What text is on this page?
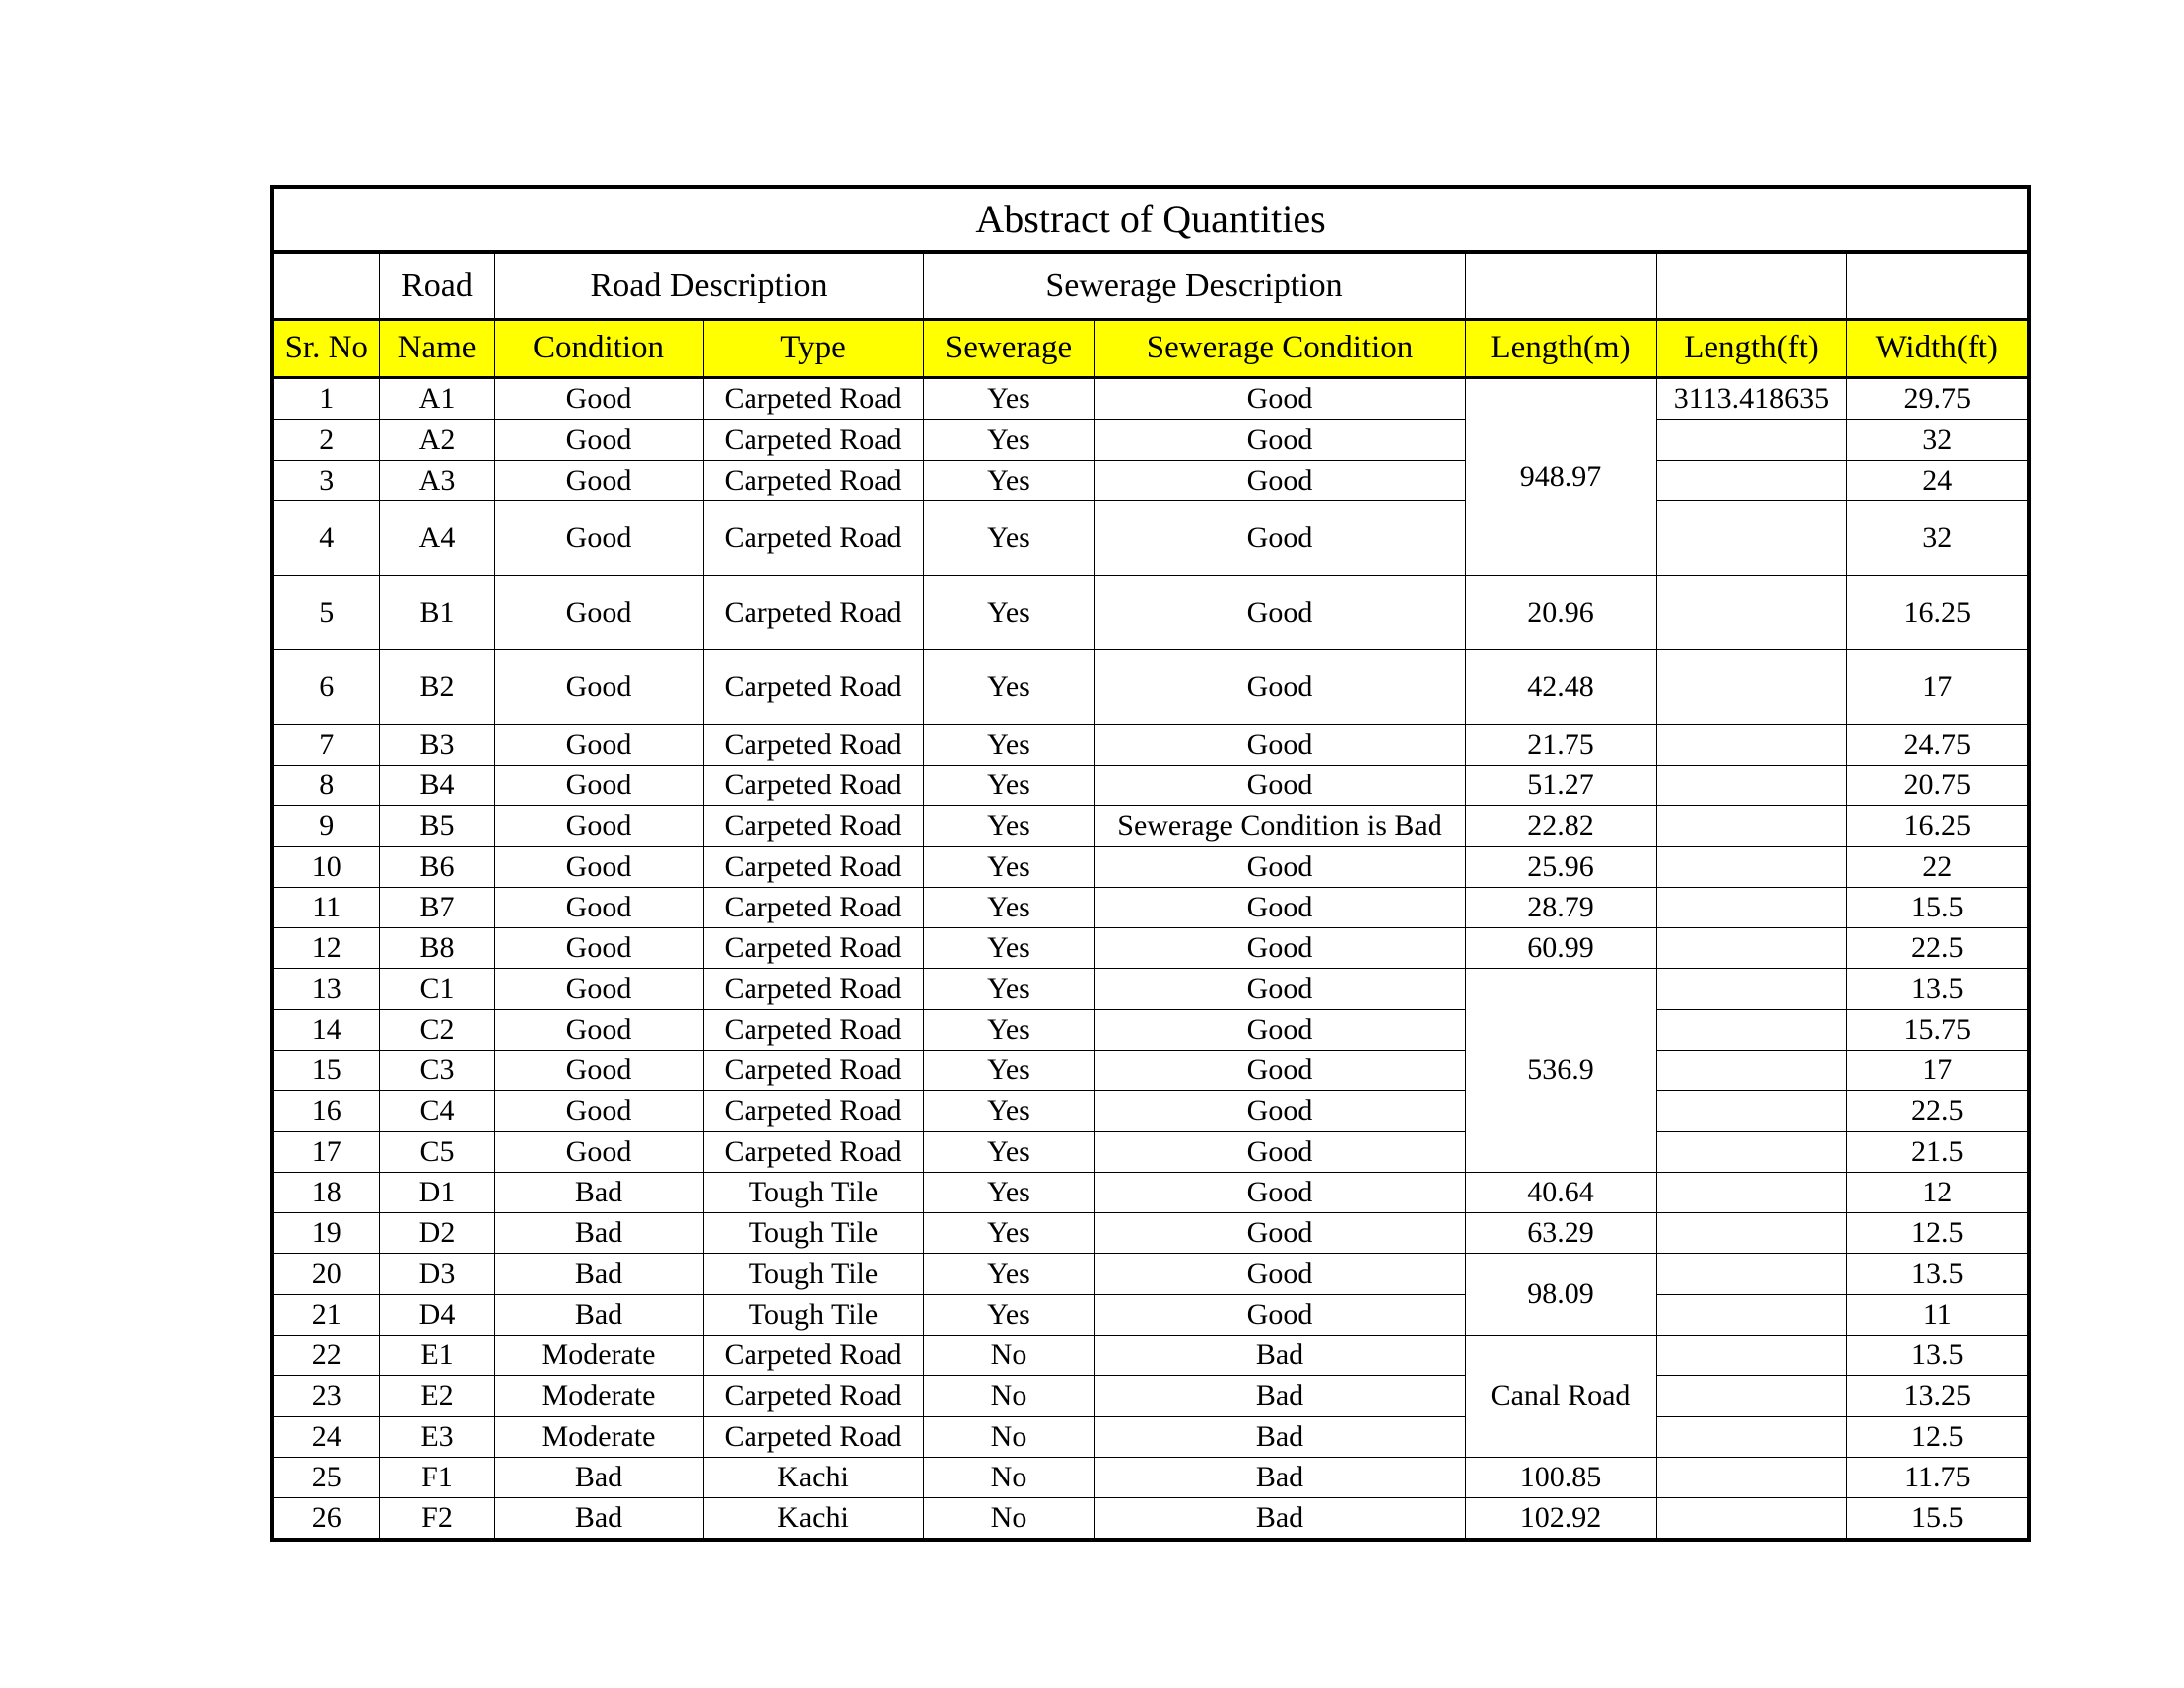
Abstract of Quantities								
	Road	Road Description		Sewerage Description				
Sr. No	Name	Condition	Type	Sewerage	Sewerage Condition	Length(m)	Length(ft)	Width(ft)
1	A1	Good	Carpeted Road	Yes	Good	948.97	3113.418635	29.75
2	A2	Good	Carpeted Road	Yes	Good			32
3	A3	Good	Carpeted Road	Yes	Good			24
4	A4	Good	Carpeted Road	Yes	Good			32
5	B1	Good	Carpeted Road	Yes	Good	20.96		16.25
6	B2	Good	Carpeted Road	Yes	Good	42.48		17
7	B3	Good	Carpeted Road	Yes	Good	21.75		24.75
8	B4	Good	Carpeted Road	Yes	Good	51.27		20.75
9	B5	Good	Carpeted Road	Yes	Sewerage Condition is Bad	22.82		16.25
10	B6	Good	Carpeted Road	Yes	Good	25.96		22
11	B7	Good	Carpeted Road	Yes	Good	28.79		15.5
12	B8	Good	Carpeted Road	Yes	Good	60.99		22.5
13	C1	Good	Carpeted Road	Yes	Good	536.9		13.5
14	C2	Good	Carpeted Road	Yes	Good			15.75
15	C3	Good	Carpeted Road	Yes	Good			17
16	C4	Good	Carpeted Road	Yes	Good			22.5
17	C5	Good	Carpeted Road	Yes	Good			21.5
18	D1	Bad	Tough Tile	Yes	Good	40.64		12
19	D2	Bad	Tough Tile	Yes	Good	63.29		12.5
20	D3	Bad	Tough Tile	Yes	Good	98.09		13.5
21	D4	Bad	Tough Tile	Yes	Good			11
22	E1	Moderate	Carpeted Road	No	Bad	Canal Road		13.5
23	E2	Moderate	Carpeted Road	No	Bad			13.25
24	E3	Moderate	Carpeted Road	No	Bad			12.5
25	F1	Bad	Kachi	No	Bad	100.85		11.75
26	F2	Bad	Kachi	No	Bad	102.92		15.5
